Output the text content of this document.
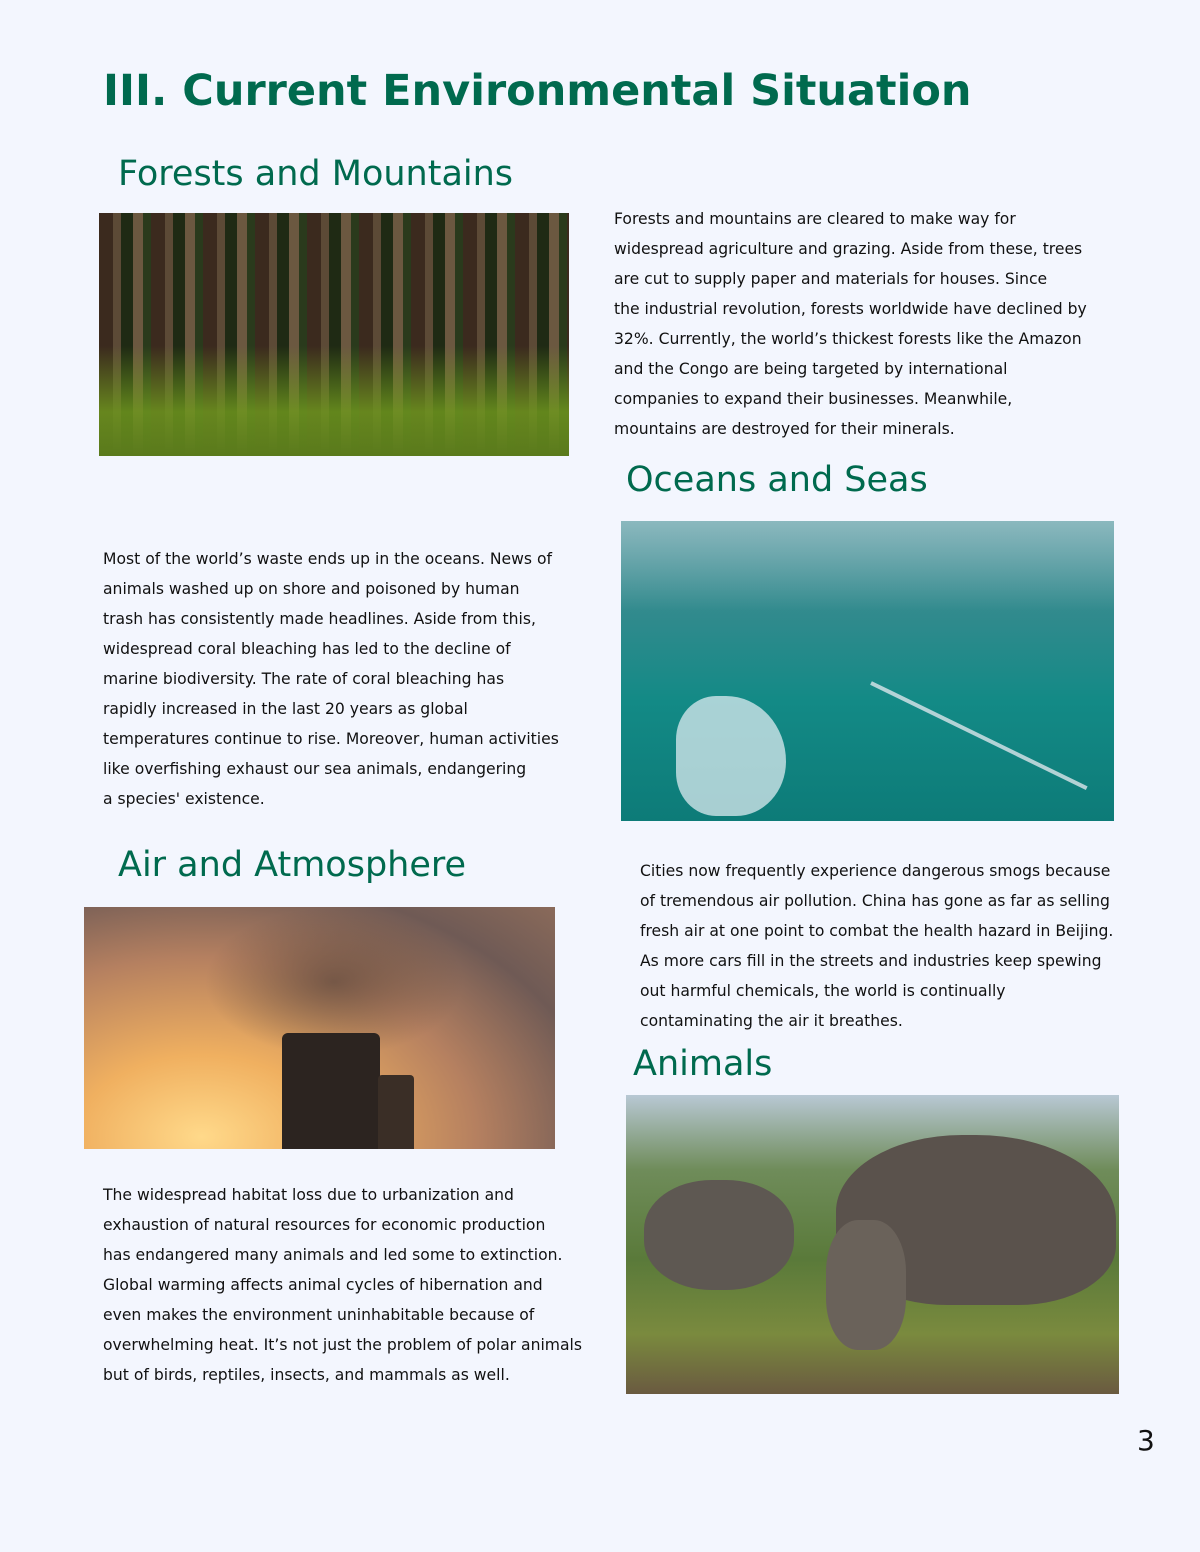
III. Current Environmental Situation
Forests and Mountains
Forests and mountains are cleared to make way for
widespread agriculture and grazing. Aside from these, trees
are cut to supply paper and materials for houses. Since
the industrial revolution, forests worldwide have declined by
32%. Currently, the world’s thickest forests like the Amazon
and the Congo are being targeted by international
companies to expand their businesses. Meanwhile,
mountains are destroyed for their minerals.
Oceans and Seas
Most of the world’s waste ends up in the oceans. News of
animals washed up on shore and poisoned by human
trash has consistently made headlines. Aside from this,
widespread coral bleaching has led to the decline of
marine biodiversity. The rate of coral bleaching has
rapidly increased in the last 20 years as global
temperatures continue to rise. Moreover, human activities
like overfishing exhaust our sea animals, endangering
a species' existence.
Air and Atmosphere	Cities now frequently experience dangerous smogs because
of tremendous air pollution. China has gone as far as selling
fresh air at one point to combat the health hazard in Beijing.
As more cars fill in the streets and industries keep spewing
out harmful chemicals, the world is continually
contaminating the air it breathes.
Animals
The widespread habitat loss due to urbanization and
exhaustion of natural resources for economic production
has endangered many animals and led some to extinction.
Global warming affects animal cycles of hibernation and
even makes the environment uninhabitable because of
overwhelming heat. It’s not just the problem of polar animals
but of birds, reptiles, insects, and mammals as well.
3
